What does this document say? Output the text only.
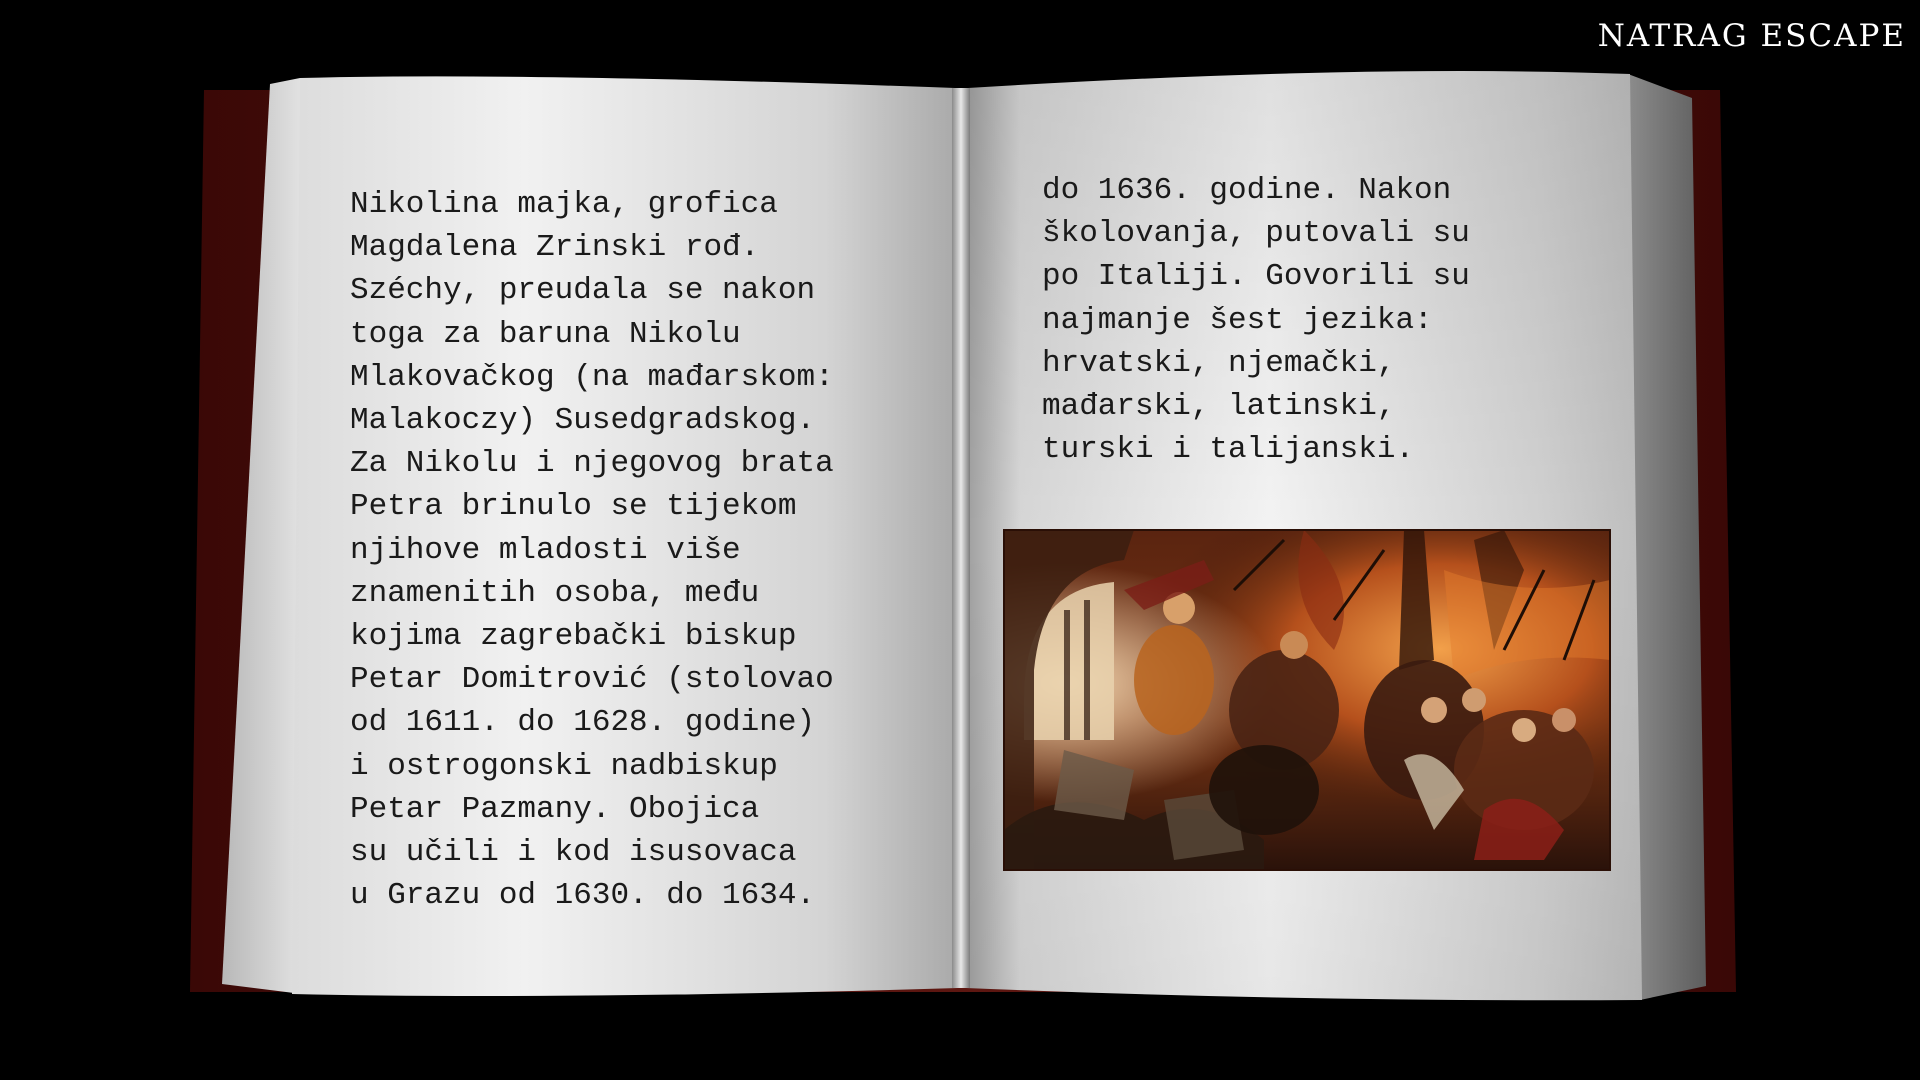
NATRAG ESCAPE
Nikolina majka, grofica
Magdalena Zrinski rođ.
Széchy, preudala se nakon
toga za baruna Nikolu
Mlakovačkog (na mađarskom:
Malakoczy) Susedgradskog.
Za Nikolu i njegovog brata
Petra brinulo se tijekom
njihove mladosti više
znamenitih osoba, među
kojima zagrebački biskup
Petar Domitrović (stolovao
od 1611. do 1628. godine)
i ostrogonski nadbiskup
Petar Pazmany. Obojica
su učili i kod isusovaca
u Grazu od 1630. do 1634.
do 1636. godine. Nakon
školovanja, putovali su
po Italiji. Govorili su
najmanje šest jezika:
hrvatski, njemački,
mađarski, latinski,
turski i talijanski.
